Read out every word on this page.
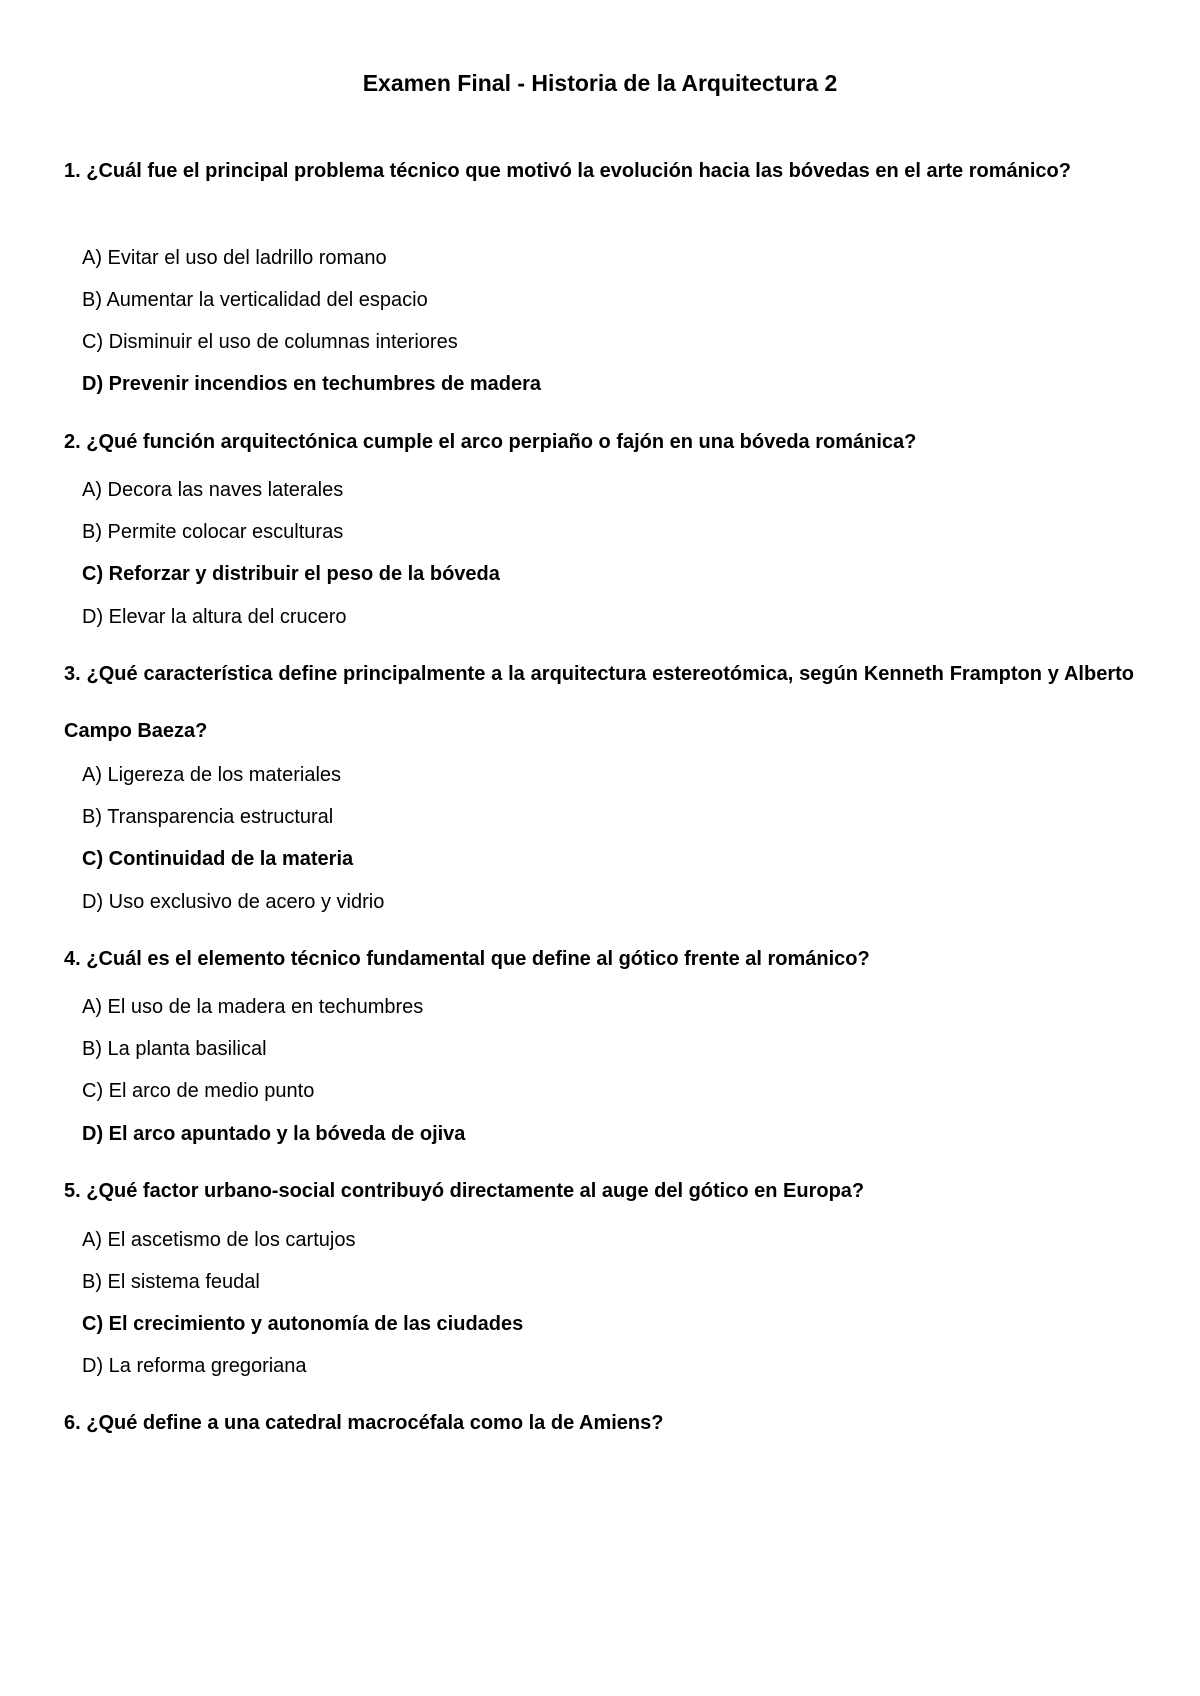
Examen Final - Historia de la Arquitectura 2
1. ¿Cuál fue el principal problema técnico que motivó la evolución hacia las bóvedas en el arte románico?
A) Evitar el uso del ladrillo romano
B) Aumentar la verticalidad del espacio
C) Disminuir el uso de columnas interiores
D) Prevenir incendios en techumbres de madera
2. ¿Qué función arquitectónica cumple el arco perpiaño o fajón en una bóveda románica?
A) Decora las naves laterales
B) Permite colocar esculturas
C) Reforzar y distribuir el peso de la bóveda
D) Elevar la altura del crucero
3. ¿Qué característica define principalmente a la arquitectura estereotómica, según Kenneth Frampton y Alberto Campo Baeza?
A) Ligereza de los materiales
B) Transparencia estructural
C) Continuidad de la materia
D) Uso exclusivo de acero y vidrio
4. ¿Cuál es el elemento técnico fundamental que define al gótico frente al románico?
A) El uso de la madera en techumbres
B) La planta basilical
C) El arco de medio punto
D) El arco apuntado y la bóveda de ojiva
5. ¿Qué factor urbano-social contribuyó directamente al auge del gótico en Europa?
A) El ascetismo de los cartujos
B) El sistema feudal
C) El crecimiento y autonomía de las ciudades
D) La reforma gregoriana
6. ¿Qué define a una catedral macrocéfala como la de Amiens?
